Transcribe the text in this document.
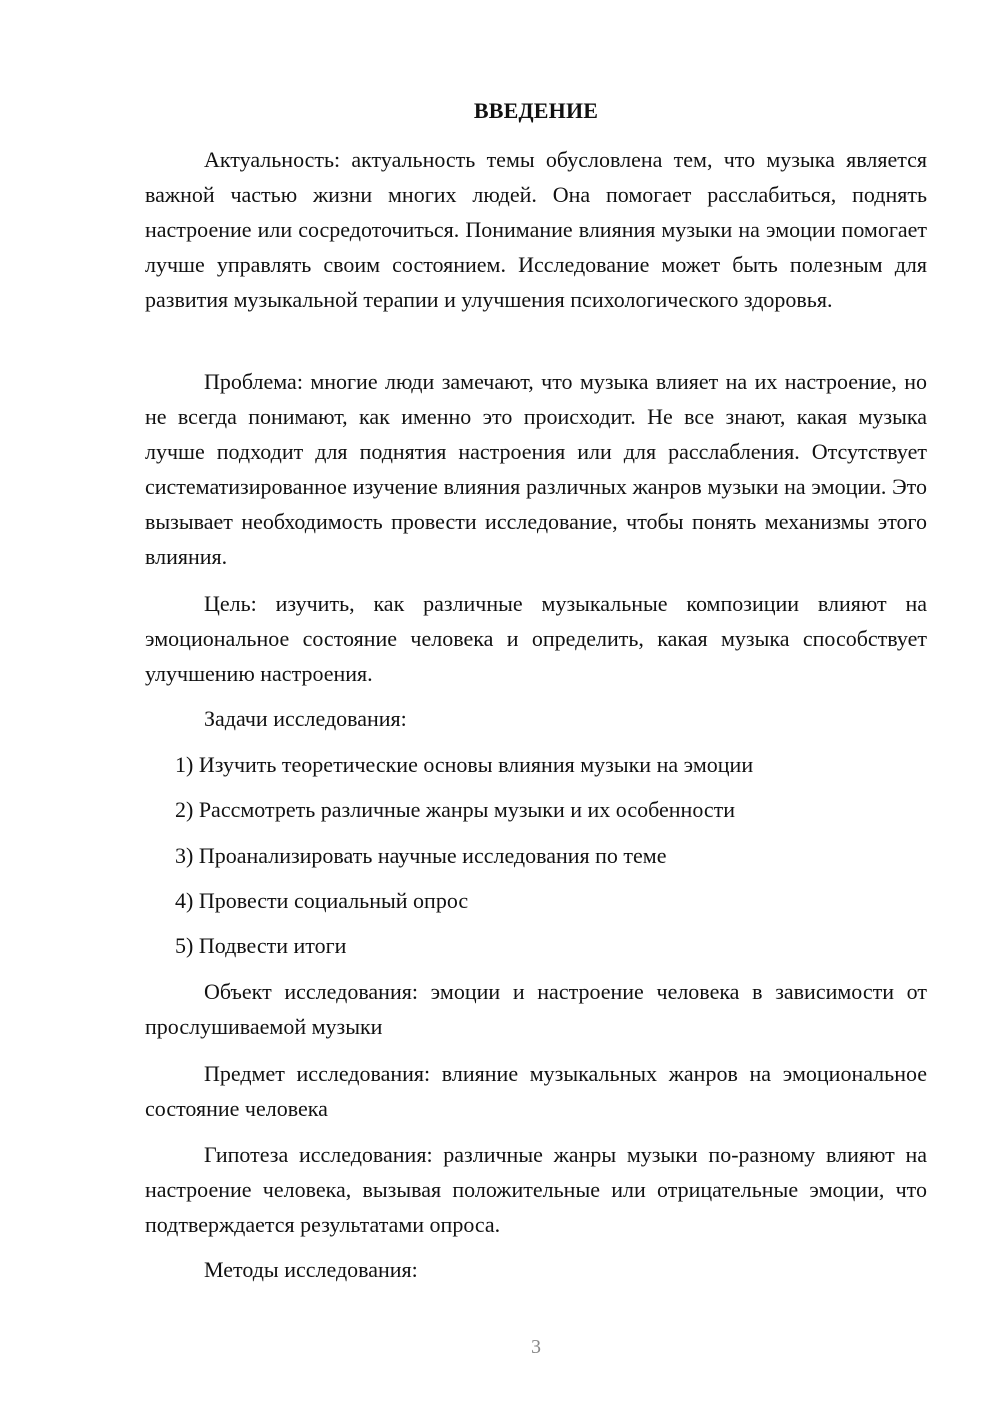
ВВЕДЕНИЕ

Актуальность: актуальность темы обусловлена тем, что музыка является важной частью жизни многих людей. Она помогает расслабиться, поднять настроение или сосредоточиться. Понимание влияния музыки на эмоции помогает лучше управлять своим состоянием. Исследование может быть полезным для развития музыкальной терапии и улучшения психологического здоровья.

Проблема: многие люди замечают, что музыка влияет на их настроение, но не всегда понимают, как именно это происходит. Не все знают, какая музыка лучше подходит для поднятия настроения или для расслабления. Отсутствует систематизированное изучение влияния различных жанров музыки на эмоции. Это вызывает необходимость провести исследование, чтобы понять механизмы этого влияния.

Цель: изучить, как различные музыкальные композиции влияют на эмоциональное состояние человека и определить, какая музыка способствует улучшению настроения.

Задачи исследования:

1) Изучить теоретические основы влияния музыки на эмоции
2) Рассмотреть различные жанры музыки и их особенности
3) Проанализировать научные исследования по теме
4) Провести социальный опрос
5) Подвести итоги

Объект исследования: эмоции и настроение человека в зависимости от прослушиваемой музыки

Предмет исследования: влияние музыкальных жанров на эмоциональное состояние человека

Гипотеза исследования: различные жанры музыки по-разному влияют на настроение человека, вызывая положительные или отрицательные эмоции, что подтверждается результатами опроса.

Методы исследования:

3
